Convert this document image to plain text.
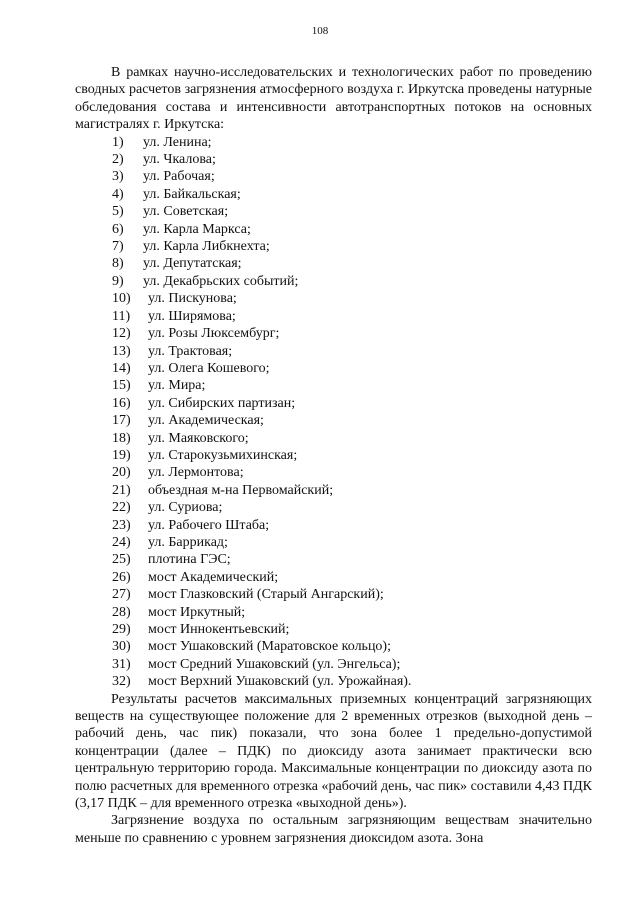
108

В рамках научно-исследовательских и технологических работ по проведению сводных расчетов загрязнения атмосферного воздуха г. Иркутска проведены натурные обследования состава и интенсивности автотранспортных потоков на основных магистралях г. Иркутска:

1)	ул. Ленина;
2)	ул. Чкалова;
3)	ул. Рабочая;
4)	ул. Байкальская;
5)	ул. Советская;
6)	ул. Карла Маркса;
7)	ул. Карла Либкнехта;
8)	ул. Депутатская;
9)	ул. Декабрьских событий;
10)	ул. Пискунова;
11)	ул. Ширямова;
12)	ул. Розы Люксембург;
13)	ул. Трактовая;
14)	ул. Олега Кошевого;
15)	ул. Мира;
16)	ул. Сибирских партизан;
17)	ул. Академическая;
18)	ул. Маяковского;
19)	ул. Старокузьмихинская;
20)	ул. Лермонтова;
21)	объездная м-на Первомайский;
22)	ул. Суриова;
23)	ул. Рабочего Штаба;
24)	ул. Баррикад;
25)	плотина ГЭС;
26)	мост Академический;
27)	мост Глазковский (Старый Ангарский);
28)	мост Иркутный;
29)	мост Иннокентьевский;
30)	мост Ушаковский (Маратовское кольцо);
31)	мост Средний Ушаковский (ул. Энгельса);
32)	мост Верхний Ушаковский (ул. Урожайная).

Результаты расчетов максимальных приземных концентраций загрязняющих веществ на существующее положение для 2 временных отрезков (выходной день – рабочий день, час пик) показали, что зона более 1 предельно-допустимой концентрации (далее – ПДК) по диоксиду азота занимает практически всю центральную территорию города. Максимальные концентрации по диоксиду азота по полю расчетных для временного отрезка «рабочий день, час пик» составили 4,43 ПДК (3,17 ПДК – для временного отрезка «выходной день»).

Загрязнение воздуха по остальным загрязняющим веществам значительно меньше по сравнению с уровнем загрязнения диоксидом азота. Зона
